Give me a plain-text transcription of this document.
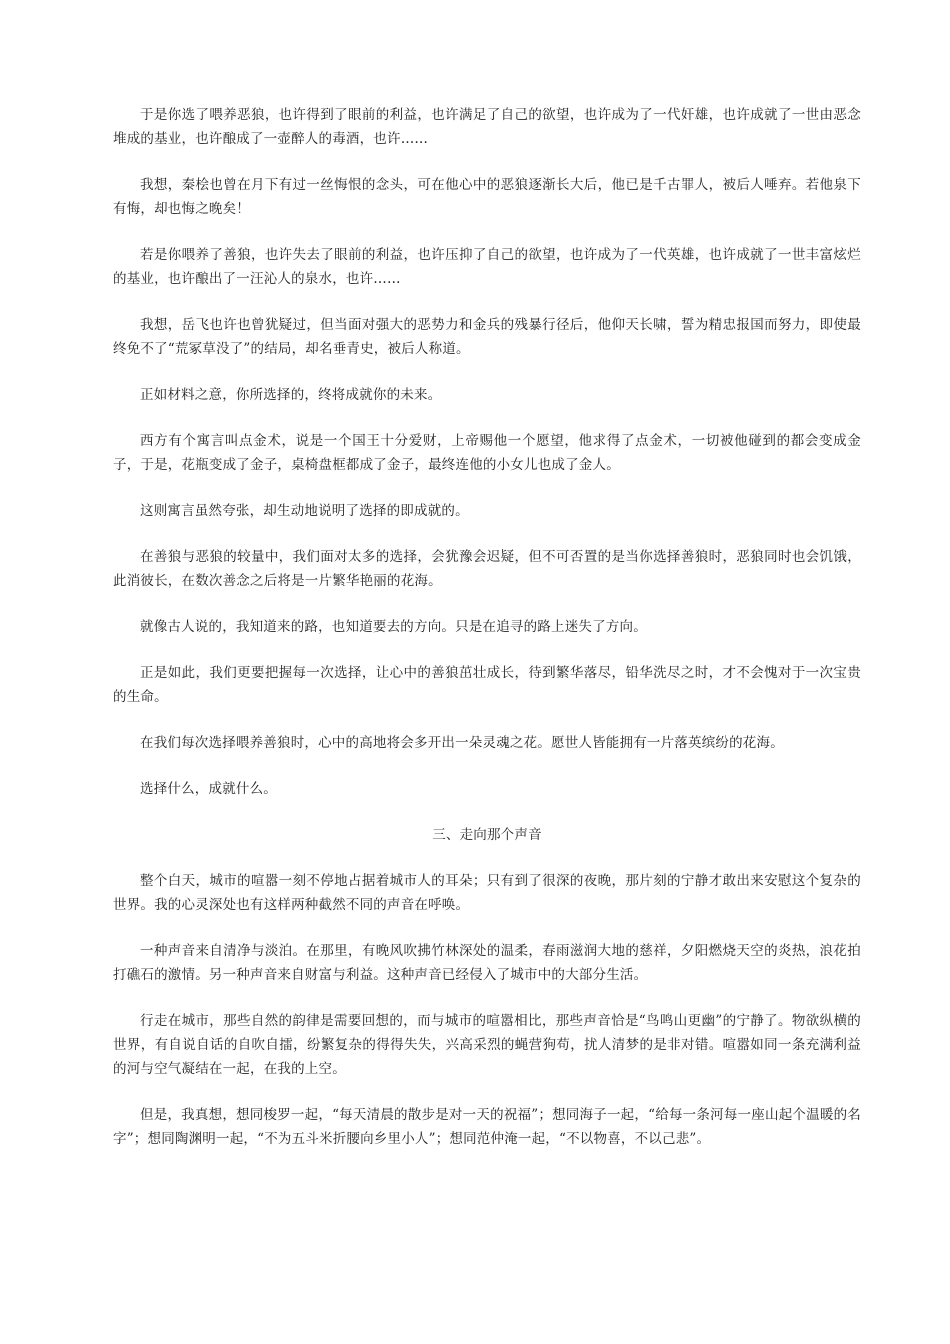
于是你选了喂养恶狼，也许得到了眼前的利益，也许满足了自己的欲望，也许成为了一代奸雄，也许成就了一世由恶念堆成的基业，也许酿成了一壶醉人的毒酒，也许……

我想，秦桧也曾在月下有过一丝悔恨的念头，可在他心中的恶狼逐渐长大后，他已是千古罪人，被后人唾弃。若他泉下有悔，却也悔之晚矣！

若是你喂养了善狼，也许失去了眼前的利益，也许压抑了自己的欲望，也许成为了一代英雄，也许成就了一世丰富炫烂的基业，也许酿出了一汪沁人的泉水，也许……

我想，岳飞也许也曾犹疑过，但当面对强大的恶势力和金兵的残暴行径后，他仰天长啸，誓为精忠报国而努力，即使最终免不了“荒冢草没了”的结局，却名垂青史，被后人称道。

正如材料之意，你所选择的，终将成就你的未来。

西方有个寓言叫点金术，说是一个国王十分爱财，上帝赐他一个愿望，他求得了点金术，一切被他碰到的都会变成金子，于是，花瓶变成了金子，桌椅盘框都成了金子，最终连他的小女儿也成了金人。

这则寓言虽然夸张，却生动地说明了选择的即成就的。

在善狼与恶狼的较量中，我们面对太多的选择，会犹豫会迟疑，但不可否置的是当你选择善狼时，恶狼同时也会饥饿，此消彼长，在数次善念之后将是一片繁华艳丽的花海。

就像古人说的，我知道来的路，也知道要去的方向。只是在追寻的路上迷失了方向。

正是如此，我们更要把握每一次选择，让心中的善狼茁壮成长，待到繁华落尽，铅华洗尽之时，才不会愧对于一次宝贵的生命。

在我们每次选择喂养善狼时，心中的高地将会多开出一朵灵魂之花。愿世人皆能拥有一片落英缤纷的花海。

选择什么，成就什么。

三、走向那个声音

整个白天，城市的喧嚣一刻不停地占据着城市人的耳朵；只有到了很深的夜晚，那片刻的宁静才敢出来安慰这个复杂的世界。我的心灵深处也有这样两种截然不同的声音在呼唤。

一种声音来自清净与淡泊。在那里，有晚风吹拂竹林深处的温柔，春雨滋润大地的慈祥，夕阳燃烧天空的炎热，浪花拍打礁石的激情。另一种声音来自财富与利益。这种声音已经侵入了城市中的大部分生活。

行走在城市，那些自然的韵律是需要回想的，而与城市的喧嚣相比，那些声音恰是“鸟鸣山更幽”的宁静了。物欲纵横的世界，有自说自话的自吹自擂，纷繁复杂的得得失失，兴高采烈的蝇营狗苟，扰人清梦的是非对错。喧嚣如同一条充满利益的河与空气凝结在一起，在我的上空。

但是，我真想，想同梭罗一起，“每天清晨的散步是对一天的祝福”；想同海子一起，“给每一条河每一座山起个温暖的名字”；想同陶渊明一起，“不为五斗米折腰向乡里小人”；想同范仲淹一起，“不以物喜，不以己悲”。
